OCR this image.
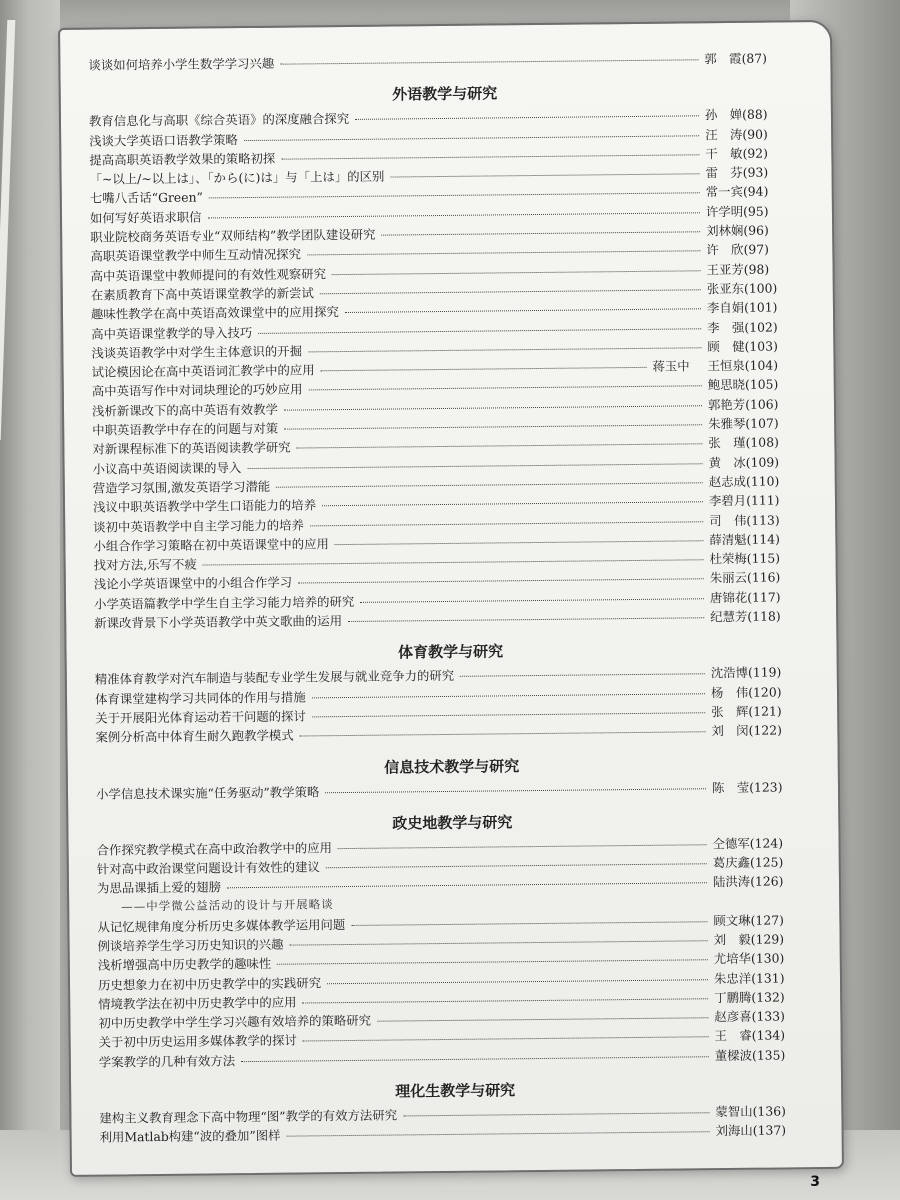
谈谈如何培养小学生数学学习兴趣	郭　霞(87)
外语教学与研究
教育信息化与高职《综合英语》的深度融合探究	孙　婵(88)
浅谈大学英语口语教学策略	汪　涛(90)
提高高职英语教学效果的策略初探	干　敏(92)
「~以上/~以上は」、「から(に)は」与「上は」的区别	雷　芬(93)
七嘴八舌话“Green”	常一宾(94)
如何写好英语求职信	许学明(95)
职业院校商务英语专业“双师结构”教学团队建设研究	刘林娴(96)
高职英语课堂教学中师生互动情况探究	许　欣(97)
高中英语课堂中教师提问的有效性观察研究	王亚芳(98)
在素质教育下高中英语课堂教学的新尝试	张亚东(100)
趣味性教学在高中英语高效课堂中的应用探究	李自娟(101)
高中英语课堂教学的导入技巧	李　强(102)
浅谈英语教学中对学生主体意识的开掘	顾　健(103)
试论模因论在高中英语词汇教学中的应用	蒋玉中 王恒泉(104)
高中英语写作中对词块理论的巧妙应用	鲍思晓(105)
浅析新课改下的高中英语有效教学	郭艳芳(106)
中职英语教学中存在的问题与对策	朱雅琴(107)
对新课程标准下的英语阅读教学研究	张　瑾(108)
小议高中英语阅读课的导入	黄　冰(109)
营造学习氛围,激发英语学习潜能	赵志成(110)
浅议中职英语教学中学生口语能力的培养	李碧月(111)
谈初中英语教学中自主学习能力的培养	司　伟(113)
小组合作学习策略在初中英语课堂中的应用	薛清魁(114)
找对方法,乐写不疲	杜荣梅(115)
浅论小学英语课堂中的小组合作学习	朱丽云(116)
小学英语篇教学中学生自主学习能力培养的研究	唐锦花(117)
新课改背景下小学英语教学中英文歌曲的运用	纪慧芳(118)
体育教学与研究
精准体育教学对汽车制造与装配专业学生发展与就业竞争力的研究	沈浩博(119)
体育课堂建构学习共同体的作用与措施	杨　伟(120)
关于开展阳光体育运动若干问题的探讨	张　辉(121)
案例分析高中体育生耐久跑教学模式	刘　闵(122)
信息技术教学与研究
小学信息技术课实施“任务驱动”教学策略	陈　莹(123)
政史地教学与研究
合作探究教学模式在高中政治教学中的应用	仝德军(124)
针对高中政治课堂问题设计有效性的建议	葛庆鑫(125)
为思品课插上爱的翅膀	陆洪涛(126)
——中学微公益活动的设计与开展略谈
从记忆规律角度分析历史多媒体教学运用问题	顾文琳(127)
例谈培养学生学习历史知识的兴趣	刘　毅(129)
浅析增强高中历史教学的趣味性	尤培华(130)
历史想象力在初中历史教学中的实践研究	朱忠洋(131)
情境教学法在初中历史教学中的应用	丁鹏腾(132)
初中历史教学中学生学习兴趣有效培养的策略研究	赵彦喜(133)
关于初中历史运用多媒体教学的探讨	王　睿(134)
学案教学的几种有效方法	董樑波(135)
理化生教学与研究
建构主义教育理念下高中物理“图”教学的有效方法研究	蒙智山(136)
利用Matlab构建“波的叠加”图样	刘海山(137)
3
